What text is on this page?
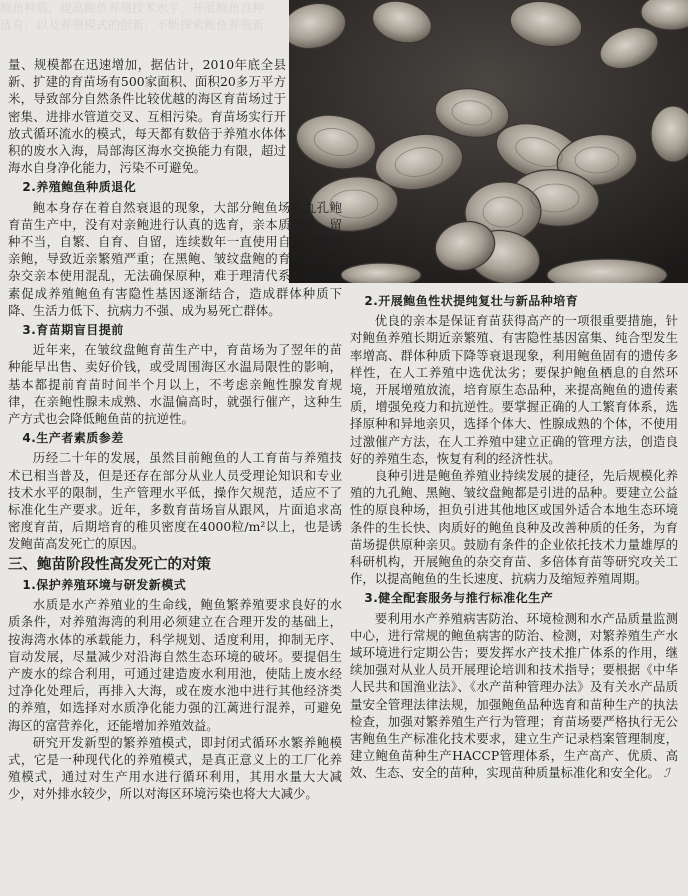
鲍鱼种质，提高鲍鱼养殖技术水平，开展鲍鱼良种
选育，以及养殖模式的创新，不断探索鲍鱼养殖新

量、规模都在迅速增加，据估计，2010年底全县新、扩建的育苗场有500家面积、面积20多万平方米，导致部分自然条件比较优越的海区育苗场过于密集、进排水管道交叉、互相污染。育苗场实行开放式循环流水的模式，每天都有数倍于养殖水体体积的废水入海，局部海区海水交换能力有限，超过海水自身净化能力，污染不可避免。

2.养殖鲍鱼种质退化

鲍本身存在着自然衰退的现象，大部分鲍鱼场在九孔鲍育苗生产中，没有对亲鲍进行认真的选育，亲本质量差，留种不当，自繁、自育、自留，连续数年一直使用自家养殖的亲鲍，导致近亲繁殖严重；在黑鲍、皱纹盘鲍的育苗生产中杂交亲本使用混乱，无法确保原种，难于理清代系。这些因素促成养殖鲍鱼有害隐性基因逐渐结合，造成群体种质下降、生活力低下、抗病力不强、成为易死亡群体。

3.育苗期盲目提前

近年来，在皱纹盘鲍育苗生产中，育苗场为了翌年的苗种能早出售、卖好价钱，或受周围海区水温局限性的影响，基本都提前育苗时间半个月以上，不考虑亲鲍性腺发育规律，在亲鲍性腺未成熟、水温偏高时，就强行催产，这种生产方式也会降低鲍鱼苗的抗逆性。

4.生产者素质参差

历经二十年的发展，虽然目前鲍鱼的人工育苗与养殖技术已相当普及，但是还存在部分从业人员受理论知识和专业技术水平的限制，生产管理水平低，操作欠规范，适应不了标准化生产要求。近年，多数育苗场盲从跟风，片面追求高密度育苗，后期培育的稚贝密度在4000粒/m²以上，也是诱发鲍苗高发死亡的原因。

三、鲍苗阶段性高发死亡的对策
1.保护养殖环境与研发新模式

水质是水产养殖业的生命线，鲍鱼繁养殖要求良好的水质条件，对养殖海湾的利用必须建立在合理开发的基础上，按海湾水体的承载能力，科学规划、适度利用，抑制无序、盲动发展，尽量减少对沿海自然生态环境的破坏。要提倡生产废水的综合利用，可通过建造废水利用池，使陆上废水经过净化处理后，再排入大海，或在废水池中进行其他经济类的养殖，如选择对水质净化能力强的江蓠进行混养，可避免海区的富营养化，还能增加养殖效益。

研究开发新型的繁养殖模式，即封闭式循环水繁养鲍模式，它是一种现代化的养殖模式，是真正意义上的工厂化养殖模式，通过对生产用水进行循环利用，其用水量大大减少，对外排水较少，所以对海区环境污染也将大大减少。

2.开展鲍鱼性状提纯复壮与新品种培育

优良的亲本是保证育苗获得高产的一项很重要措施，针对鲍鱼养殖长期近亲繁殖、有害隐性基因富集、纯合型发生率增高、群体种质下降等衰退现象，利用鲍鱼固有的遗传多样性，在人工养殖中选优汰劣；要保护鲍鱼栖息的自然环境，开展增殖放流，培育原生态品种，来提高鲍鱼的遗传素质，增强免疫力和抗逆性。要掌握正确的人工繁育体系，选择原种和异地亲贝，选择个体大、性腺成熟的个体，不使用过激催产方法，在人工养殖中建立正确的管理方法，创造良好的养殖生态，恢复有利的经济性状。

良种引进是鲍鱼养殖业持续发展的捷径，先后规模化养殖的九孔鲍、黑鲍、皱纹盘鲍都是引进的品种。要建立公益性的原良种场，担负引进其他地区或国外适合本地生态环境条件的生长快、肉质好的鲍鱼良种及改善种质的任务，为育苗场提供原种亲贝。鼓励有条件的企业依托技术力量雄厚的科研机构，开展鲍鱼的杂交育苗、多倍体育苗等研究攻关工作，以提高鲍鱼的生长速度、抗病力及缩短养殖周期。

3.健全配套服务与推行标准化生产

要利用水产养殖病害防治、环境检测和水产品质量监测中心，进行常规的鲍鱼病害的防治、检测，对繁养殖生产水域环境进行定期公告；要发挥水产技术推广体系的作用，继续加强对从业人员开展理论培训和技术指导；要根据《中华人民共和国渔业法》、《水产苗种管理办法》及有关水产品质量安全管理法律法规，加强鲍鱼品种选育和苗种生产的执法检查，加强对繁养殖生产行为管理；育苗场要严格执行无公害鲍鱼生产标准化技术要求，建立生产记录档案管理制度，建立鲍鱼苗种生产HACCP管理体系，生产高产、优质、高效、生态、安全的苗种，实现苗种质量标准化和安全化。 ℐ
